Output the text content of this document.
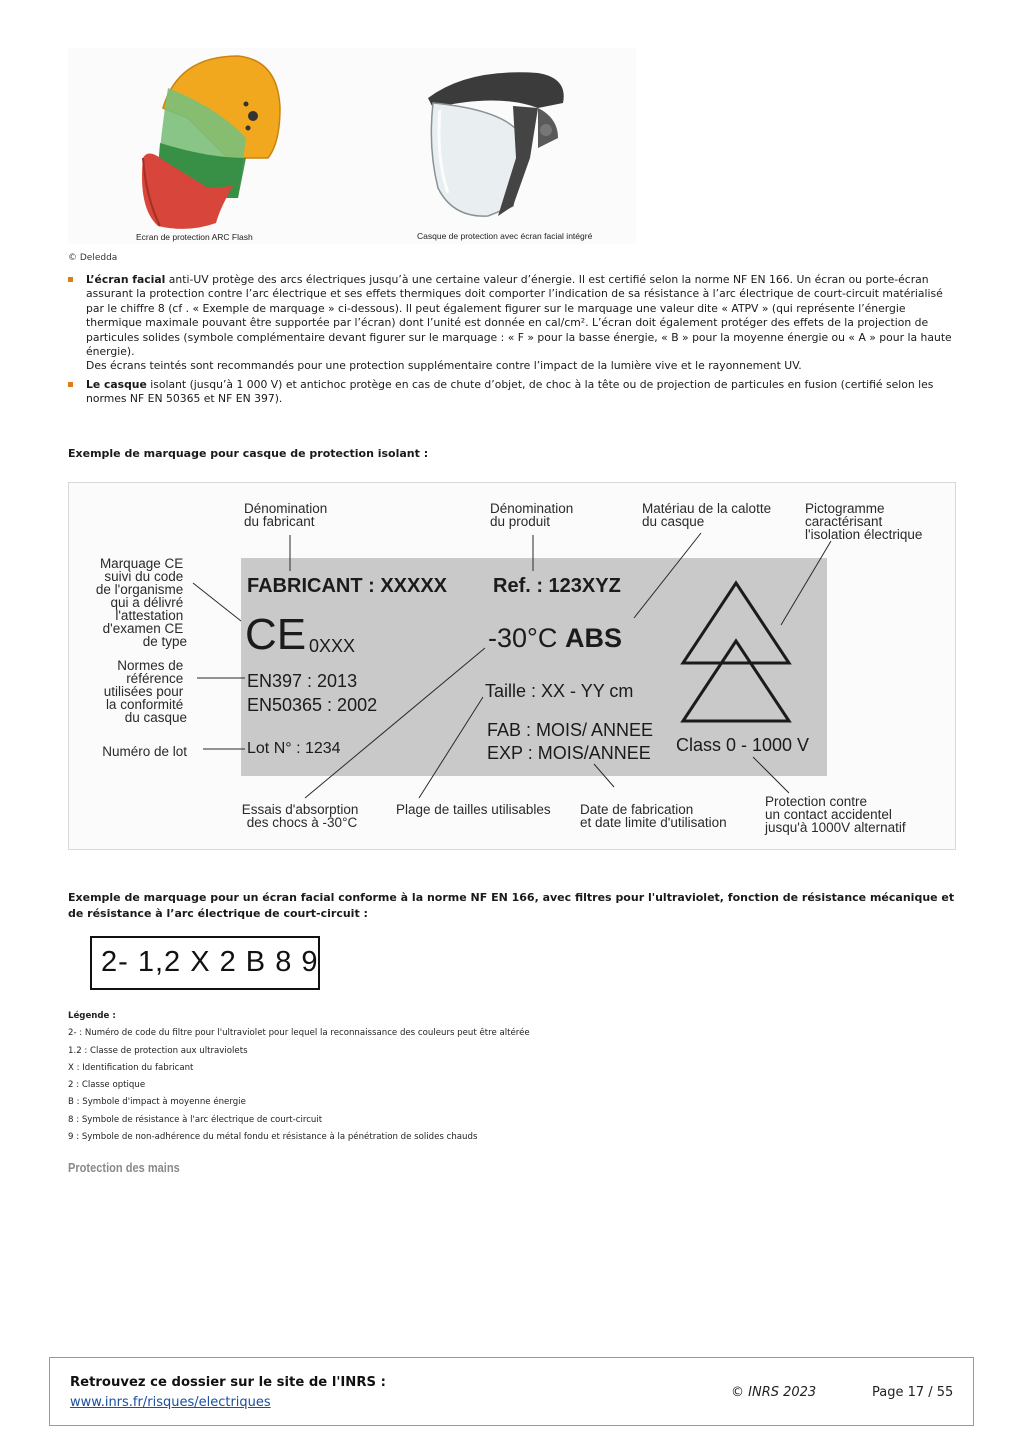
Ecran de protection ARC Flash	Casque de protection avec écran facial intégré
© Deledda
L’écran facial anti-UV protège des arcs électriques jusqu’à une certaine valeur d’énergie. Il est certifié selon la norme NF EN 166. Un écran ou porte-écran assurant la protection contre l’arc électrique et ses effets thermiques doit comporter l’indication de sa résistance à l’arc électrique de court-circuit matérialisé par le chiffre 8 (cf . « Exemple de marquage » ci-dessous). Il peut également figurer sur le marquage une valeur dite « ATPV » (qui représente l’énergie thermique maximale pouvant être supportée par l’écran) dont l’unité est donnée en cal/cm². L’écran doit également protéger des effets de la projection de particules solides (symbole complémentaire devant figurer sur le marquage : « F » pour la basse énergie, « B » pour la moyenne énergie ou « A » pour la haute énergie).
Des écrans teintés sont recommandés pour une protection supplémentaire contre l’impact de la lumière vive et le rayonnement UV.
Le casque isolant (jusqu’à 1 000 V) et antichoc protège en cas de chute d’objet, de choc à la tête ou de projection de particules en fusion (certifié selon les normes NF EN 50365 et NF EN 397).
Exemple de marquage pour casque de protection isolant :
FABRICANT : XXXXX Ref. : 123XYZ
CE 0XXX	-30°C ABS
EN397 : 2013
EN50365 : 2002
Taille : XX - YY cm
FAB : MOIS/ ANNEE
EXP : MOIS/ANNEE
Lot N° : 1234	Class 0 - 1000 V
Dénomination du fabricant
Dénomination du produit
Matériau de la calotte du casque
Pictogramme caractérisant l'isolation électrique
Marquage CE suivi du code de l'organisme qui a délivré l'attestation d'examen CE de type
Normes de référence utilisées pour la conformité du casque
Numéro de lot
Essais d'absorption des chocs à -30°C
Plage de tailles utilisables Date de fabrication et date limite d'utilisation
Protection contre un contact accidentel jusqu'à 1000V alternatif
Exemple de marquage pour un écran facial conforme à la norme NF EN 166, avec filtres pour l'ultraviolet, fonction de résistance mécanique et de résistance à l’arc électrique de court-circuit :
2- 1,2 X 2 B 8 9
Légende :
2- : Numéro de code du filtre pour l'ultraviolet pour lequel la reconnaissance des couleurs peut être altérée
1.2 : Classe de protection aux ultraviolets
X : Identification du fabricant
2 : Classe optique
B : Symbole d'impact à moyenne énergie
8 : Symbole de résistance à l'arc électrique de court-circuit
9 : Symbole de non-adhérence du métal fondu et résistance à la pénétration de solides chauds
Protection des mains
Retrouvez ce dossier sur le site de l'INRS :
www.inrs.fr/risques/electriques
© INRS 2023	Page 17 / 55
